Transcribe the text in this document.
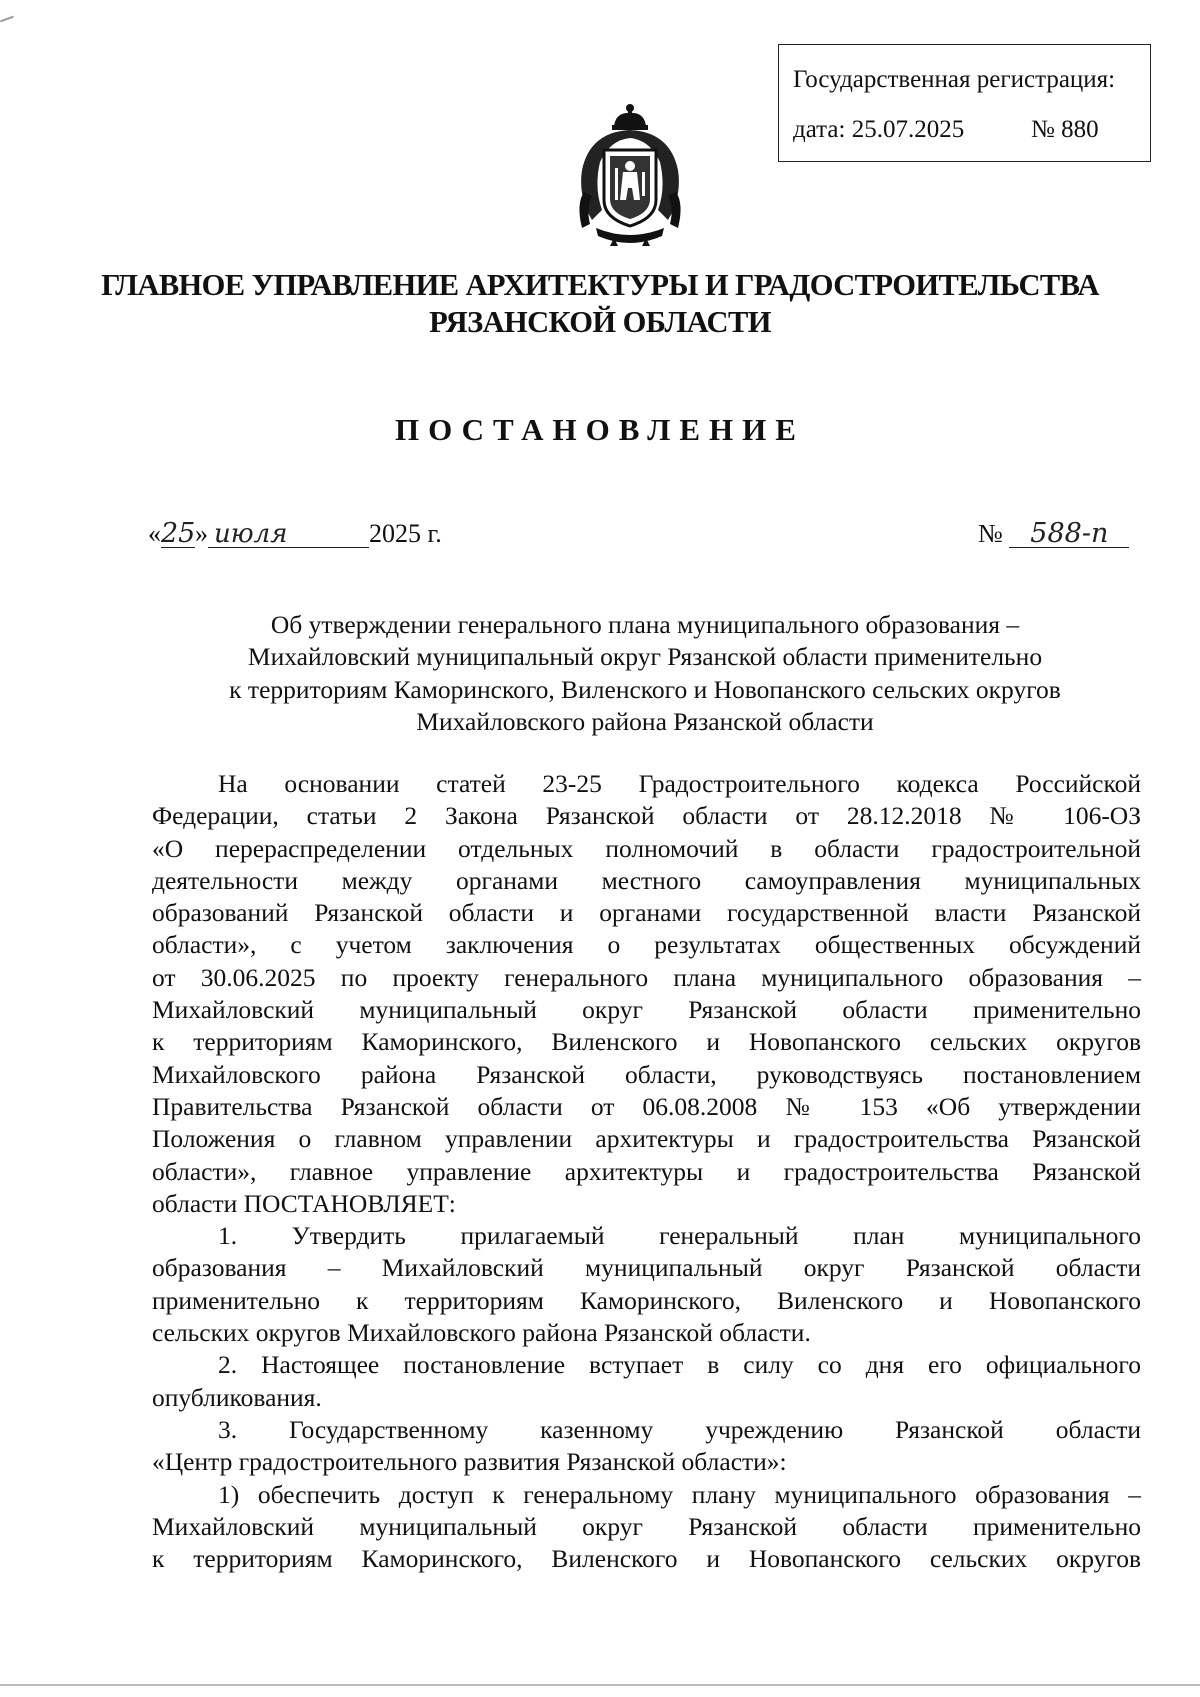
Государственная регистрация:
дата: 25.07.2025	№ 880
ГЛАВНОЕ УПРАВЛЕНИЕ АРХИТЕКТУРЫ И ГРАДОСТРОИТЕЛЬСТВА
РЯЗАНСКОЙ ОБЛАСТИ
ПОСТАНОВЛЕНИЕ
«25» июля	2025 г.	№ 588-п
Об утверждении генерального плана муниципального образования –
Михайловский муниципальный округ Рязанской области применительно
к территориям Каморинского, Виленского и Новопанского сельских округов
Михайловского района Рязанской области
На основании статей 23-25 Градостроительного кодекса Российской
Федерации, статьи 2 Закона Рязанской области от 28.12.2018 № 106-ОЗ
«О перераспределении отдельных полномочий в области градостроительной
деятельности между органами местного самоуправления муниципальных
образований Рязанской области и органами государственной власти Рязанской
области», с учетом заключения о результатах общественных обсуждений
от 30.06.2025 по проекту генерального плана муниципального образования –
Михайловский муниципальный округ Рязанской области применительно
к территориям Каморинского, Виленского и Новопанского сельских округов
Михайловского района Рязанской области, руководствуясь постановлением
Правительства Рязанской области от 06.08.2008 № 153 «Об утверждении
Положения о главном управлении архитектуры и градостроительства Рязанской
области», главное управление архитектуры и градостроительства Рязанской
области ПОСТАНОВЛЯЕТ:
1. Утвердить прилагаемый генеральный план муниципального
образования – Михайловский муниципальный округ Рязанской области
применительно к территориям Каморинского, Виленского и Новопанского
сельских округов Михайловского района Рязанской области.
2. Настоящее постановление вступает в силу со дня его официального
опубликования.
3. Государственному казенному учреждению Рязанской области
«Центр градостроительного развития Рязанской области»:
1) обеспечить доступ к генеральному плану муниципального образования –
Михайловский муниципальный округ Рязанской области применительно
к территориям Каморинского, Виленского и Новопанского сельских округов
